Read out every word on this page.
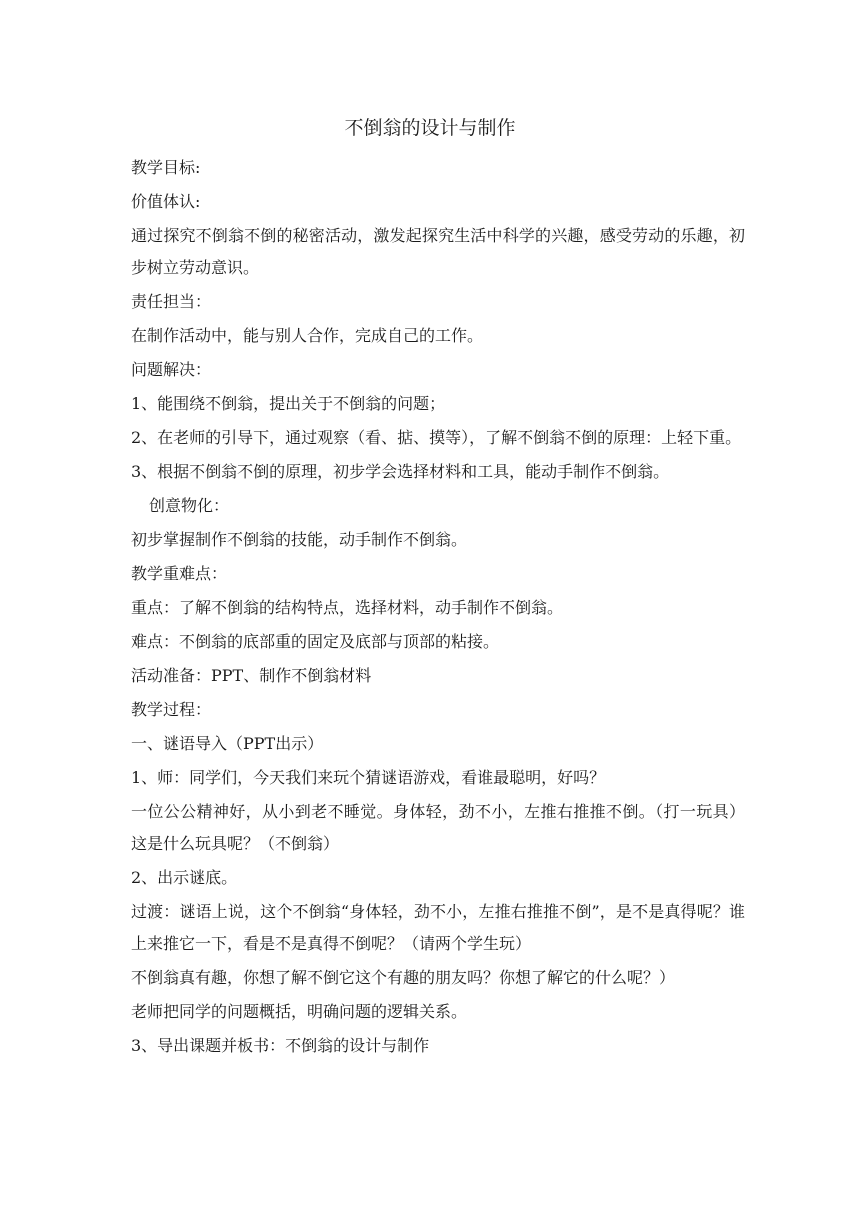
不倒翁的设计与制作
教学目标:
价值体认:
通过探究不倒翁不倒的秘密活动，激发起探究生活中科学的兴趣，感受劳动的乐趣，初步树立劳动意识。
责任担当：
在制作活动中，能与别人合作，完成自己的工作。
问题解决：
1、能围绕不倒翁，提出关于不倒翁的问题；
2、在老师的引导下，通过观察（看、掂、摸等），了解不倒翁不倒的原理：上轻下重。
3、根据不倒翁不倒的原理，初步学会选择材料和工具，能动手制作不倒翁。
创意物化：
初步掌握制作不倒翁的技能，动手制作不倒翁。
教学重难点：
重点：了解不倒翁的结构特点，选择材料，动手制作不倒翁。
难点：不倒翁的底部重的固定及底部与顶部的粘接。
活动准备：PPT、制作不倒翁材料
教学过程：
一、谜语导入（PPT出示）
1、师：同学们，今天我们来玩个猜谜语游戏，看谁最聪明，好吗？
一位公公精神好，从小到老不睡觉。身体轻，劲不小，左推右推推不倒。（打一玩具）这是什么玩具呢？（不倒翁）
2、出示谜底。
过渡：谜语上说，这个不倒翁“身体轻，劲不小，左推右推推不倒”，是不是真得呢？谁上来推它一下，看是不是真得不倒呢？（请两个学生玩）
不倒翁真有趣，你想了解不倒它这个有趣的朋友吗？你想了解它的什么呢？）
老师把同学的问题概括，明确问题的逻辑关系。
3、导出课题并板书：不倒翁的设计与制作
